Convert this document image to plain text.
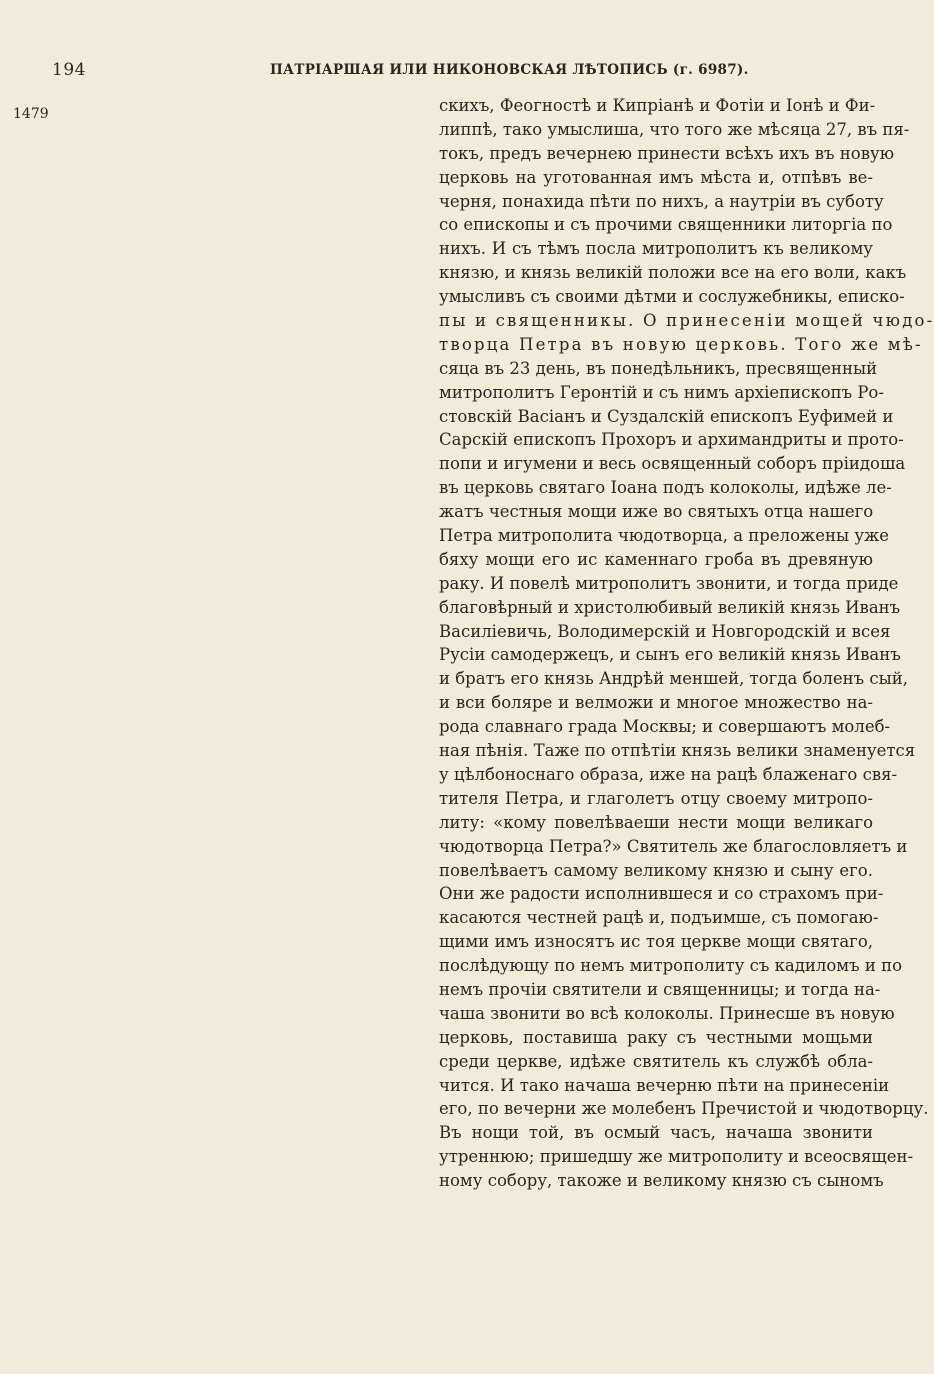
194	ПАТРІАРШАЯ ИЛИ НИКОНОВСКАЯ ЛѢТОПИСЬ (г. 6987).
1479	скихъ, Феогностѣ и Кипріанѣ и Фотіи и Іонѣ и Фи-
липпѣ, тако умыслиша, что того же мѣсяца 27, въ пя-
токъ, предъ вечернею принести всѣхъ ихъ въ новую
церковь на уготованная имъ мѣста и, отпѣвъ ве-
черня, понахида пѣти по нихъ, а наутріи въ суботу
со епископы и съ прочими священники литоргіа по
нихъ. И съ тѣмъ посла митрополитъ къ великому
князю, и князь великій положи все на его воли, какъ
умысливъ съ своими дѣтми и сослужебникы, еписко-
пы и священникы. О принесеніи мощей чюдо-
творца Петра въ новую церковь. Того же мѣ-
сяца въ 23 день, въ понедѣльникъ, пресвященный
митрополитъ Геронтій и съ нимъ архіепископъ Ро-
стовскій Васіанъ и Суздалскій епископъ Еуфимей и
Сарскій епископъ Прохоръ и архимандриты и прото-
попи и игумени и весь освященный соборъ пріидоша
въ церковь святаго Іоана подъ колоколы, идѣже ле-
жатъ честныя мощи иже во святыхъ отца нашего
Петра митрополита чюдотворца, а преложены уже
бяху мощи его ис каменнаго гроба въ древяную
раку. И повелѣ митрополитъ звонити, и тогда приде
благовѣрный и христолюбивый великій князь Иванъ
Василіевичь, Володимерскій и Новгородскій и всея
Русіи самодержецъ, и сынъ его великій князь Иванъ
и братъ его князь Андрѣй меншей, тогда боленъ сый,
и вси боляре и велможи и многое множество на-
рода славнаго града Москвы; и совершаютъ молеб-
ная пѣнія. Таже по отпѣтіи князь велики знаменуется
у цѣлбоноснаго образа, иже на рацѣ блаженаго свя-
тителя Петра, и глаголетъ отцу своему митропо-
литу: «кому повелѣваеши нести мощи великаго
чюдотворца Петра?» Святитель же благословляетъ и
повелѣваетъ самому великому князю и сыну его.
Они же радости исполнившеся и со страхомъ при-
касаются честней рацѣ и, подъимше, съ помогаю-
щими имъ износятъ ис тоя церкве мощи святаго,
послѣдующу по немъ митрополиту съ кадиломъ и по
немъ прочіи святители и священницы; и тогда на-
чаша звонити во всѣ колоколы. Принесше въ новую
церковь, поставиша раку съ честными мощьми
среди церкве, идѣже святитель къ службѣ обла-
чится. И тако начаша вечерню пѣти на принесеніи
его, по вечерни же молебенъ Пречистой и чюдотворцу.
Въ нощи той, въ осмый часъ, начаша звонити
утреннюю; пришедшу же митрополиту и всеосвящен-
ному собору, такоже и великому князю съ сыномъ
